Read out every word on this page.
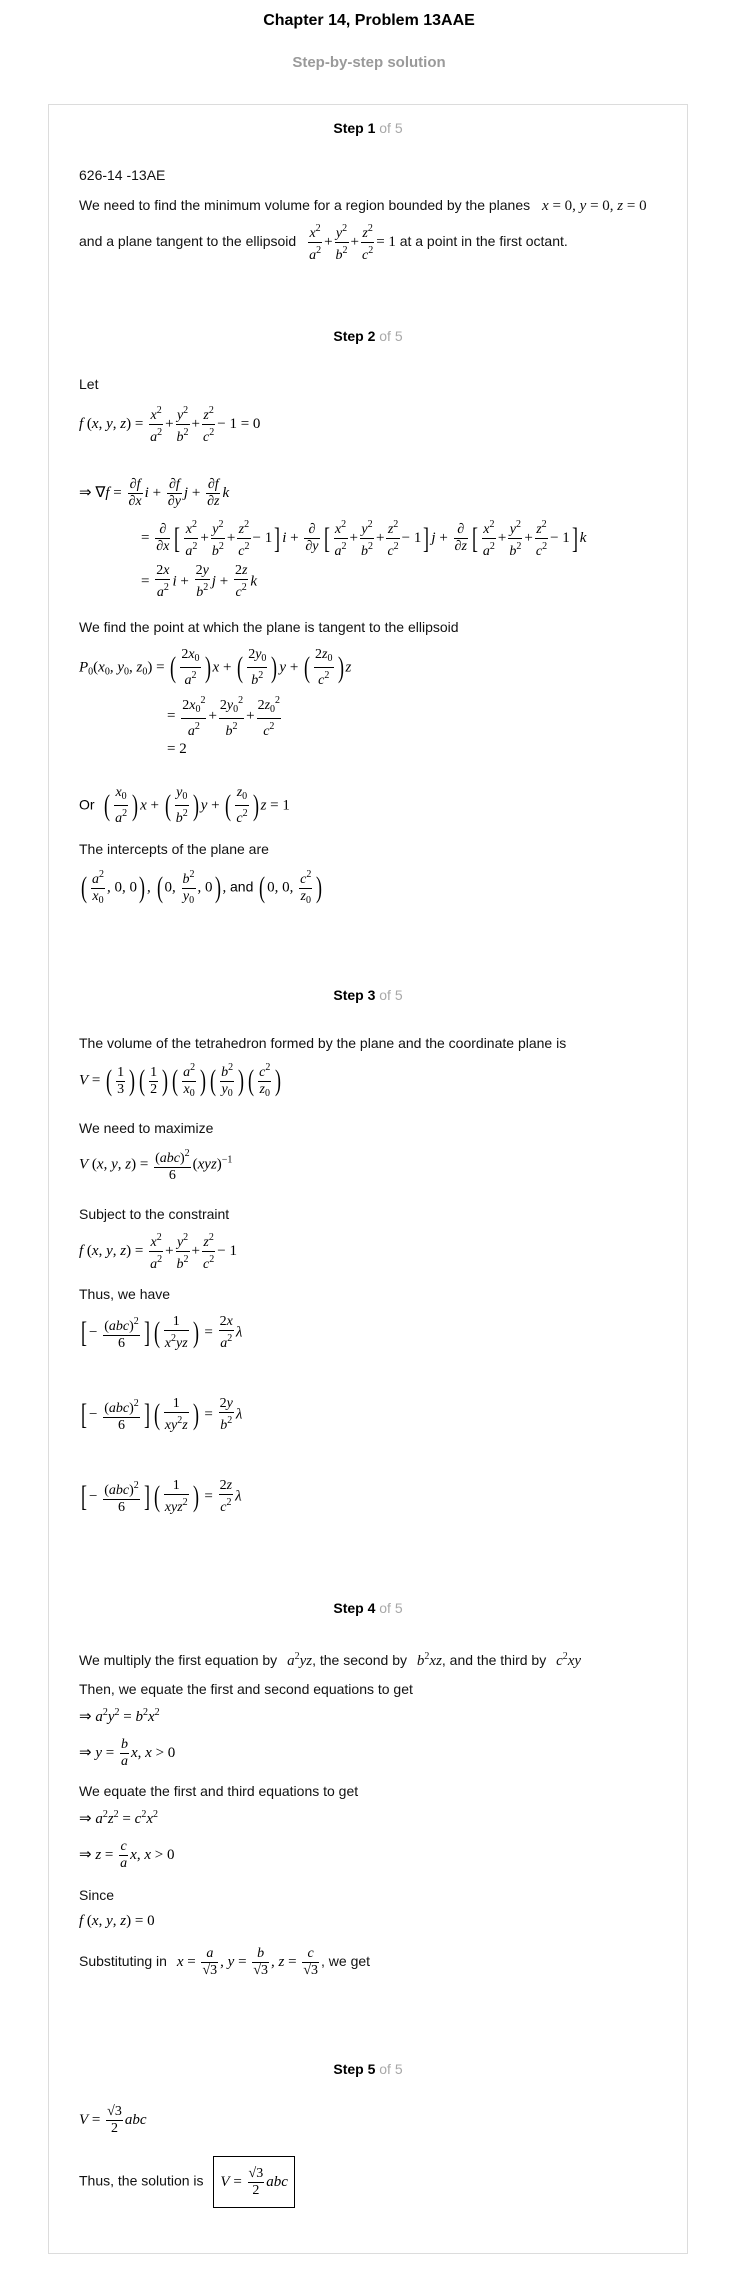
Chapter 14, Problem 13AAE
Step-by-step solution
Step 1 of 5
626-14 -13AE
We need to find the minimum volume for a region bounded by the planes x = 0, y = 0, z = 0
and a plane tangent to the ellipsoid $\frac{x^2}{a^2} + \frac{y^2}{b^2} + \frac{z^2}{c^2} = 1$ at a point in the first octant.
Step 2 of 5
Let
f (x, y, $z) = \frac{x^2}{a^2} + \frac{y^2}{b^2} + \frac{z^2}{c^2} - 1 = 0$
⇒ $\nabla f = \frac{\partial f}{\partial x}$ $i + \frac{\partial f}{\partial y}$ $j + \frac{\partial f}{\partial z}$ k
= $\frac{\partial}{\partial x}$ [ $\frac{x^2}{a^2} + \frac{y^2}{b^2} + \frac{z^2}{c^2} - 1$] $i + \frac{\partial}{\partial y}$ [ $\frac{x^2}{a^2} + \frac{y^2}{b^2} + \frac{z^2}{c^2} - 1$] $j + \frac{\partial}{\partial z}$ [ $\frac{x^2}{a^2} + \frac{y^2}{b^2} + \frac{z^2}{c^2} - 1$] k
= $\frac{2x}{a^2}$ $i + \frac{2y}{b^2}$ $j + \frac{2z}{c^2}$ k
We find the point at which the plane is tangent to the ellipsoid
$P_0(x_0$, $y_0$, $z_0$) = ( $\frac{2x_0}{a^2}$ ) x + ( $\frac{2y_0}{b^2}$ ) y + ( $\frac{2z_0}{c^2}$ ) z
= $\frac{2x_0^2}{a^2} + \frac{2y_0^2}{b^2} + \frac{2z_0^2}{c^2}$
= 2
Or ( $\frac{x_0}{a^2}$ ) x + ( $\frac{y_0}{b^2}$ ) y + ( $\frac{z_0}{c^2}$ ) z = 1
The intercepts of the plane are
( $\frac{a^2}{x_0}$ , 0, 0) , ( 0, $\frac{b^2}{y_0}$ , 0) , and ( 0, 0, $\frac{c^2}{z_0}$ )
Step 3 of 5
The volume of the tetrahedron formed by the plane and the coordinate plane is
V = ( $\frac{1}{3}$ ) ( $\frac{1}{2}$ ) ( $\frac{a^2}{x_0}$ ) ( $\frac{b^2}{y_0}$ ) ( $\frac{c^2}{z_0}$ )
We need to maximize
V (x, y, $z) = \frac{(abc)^2}{6} (xyz)^{-1}$
Subject to the constraint
f (x, y, $z) = \frac{x^2}{a^2} + \frac{y^2}{b^2} + \frac{z^2}{c^2} - 1$
Thus, we have
[ − $\frac{(abc)^2}{6}$ ] ( $\frac{1}{x^2yz}$ ) = $\frac{2x}{a^2}$ λ
[ − $\frac{(abc)^2}{6}$ ] ( $\frac{1}{xy^2z}$ ) = $\frac{2y}{b^2}$ λ
[ − $\frac{(abc)^2}{6}$ ] ( $\frac{1}{xyz^2}$ ) = $\frac{2z}{c^2}$ λ
Step 4 of 5
We multiply the first equation by $a^2yz$, the second by $b^2xz$, and the third by $c^2xy$
Then, we equate the first and second equations to get
⇒ $a^2y^2 = b^2x^2$
⇒ $y = \frac{b}{a} x$, x > 0
We equate the first and third equations to get
⇒ $a^2z^2 = c^2x^2$
⇒ $z = \frac{c}{a} x$, x > 0
Since
f (x, y, z) = 0
Substituting in $x = \frac{a}{√3}$ , $y = \frac{b}{√3}$ , $z = \frac{c}{√3}$ , we get
Step 5 of 5
$V = \frac{√3}{2}$ abc
Thus, the solution is $V = \frac{√3}{2}$ abc
